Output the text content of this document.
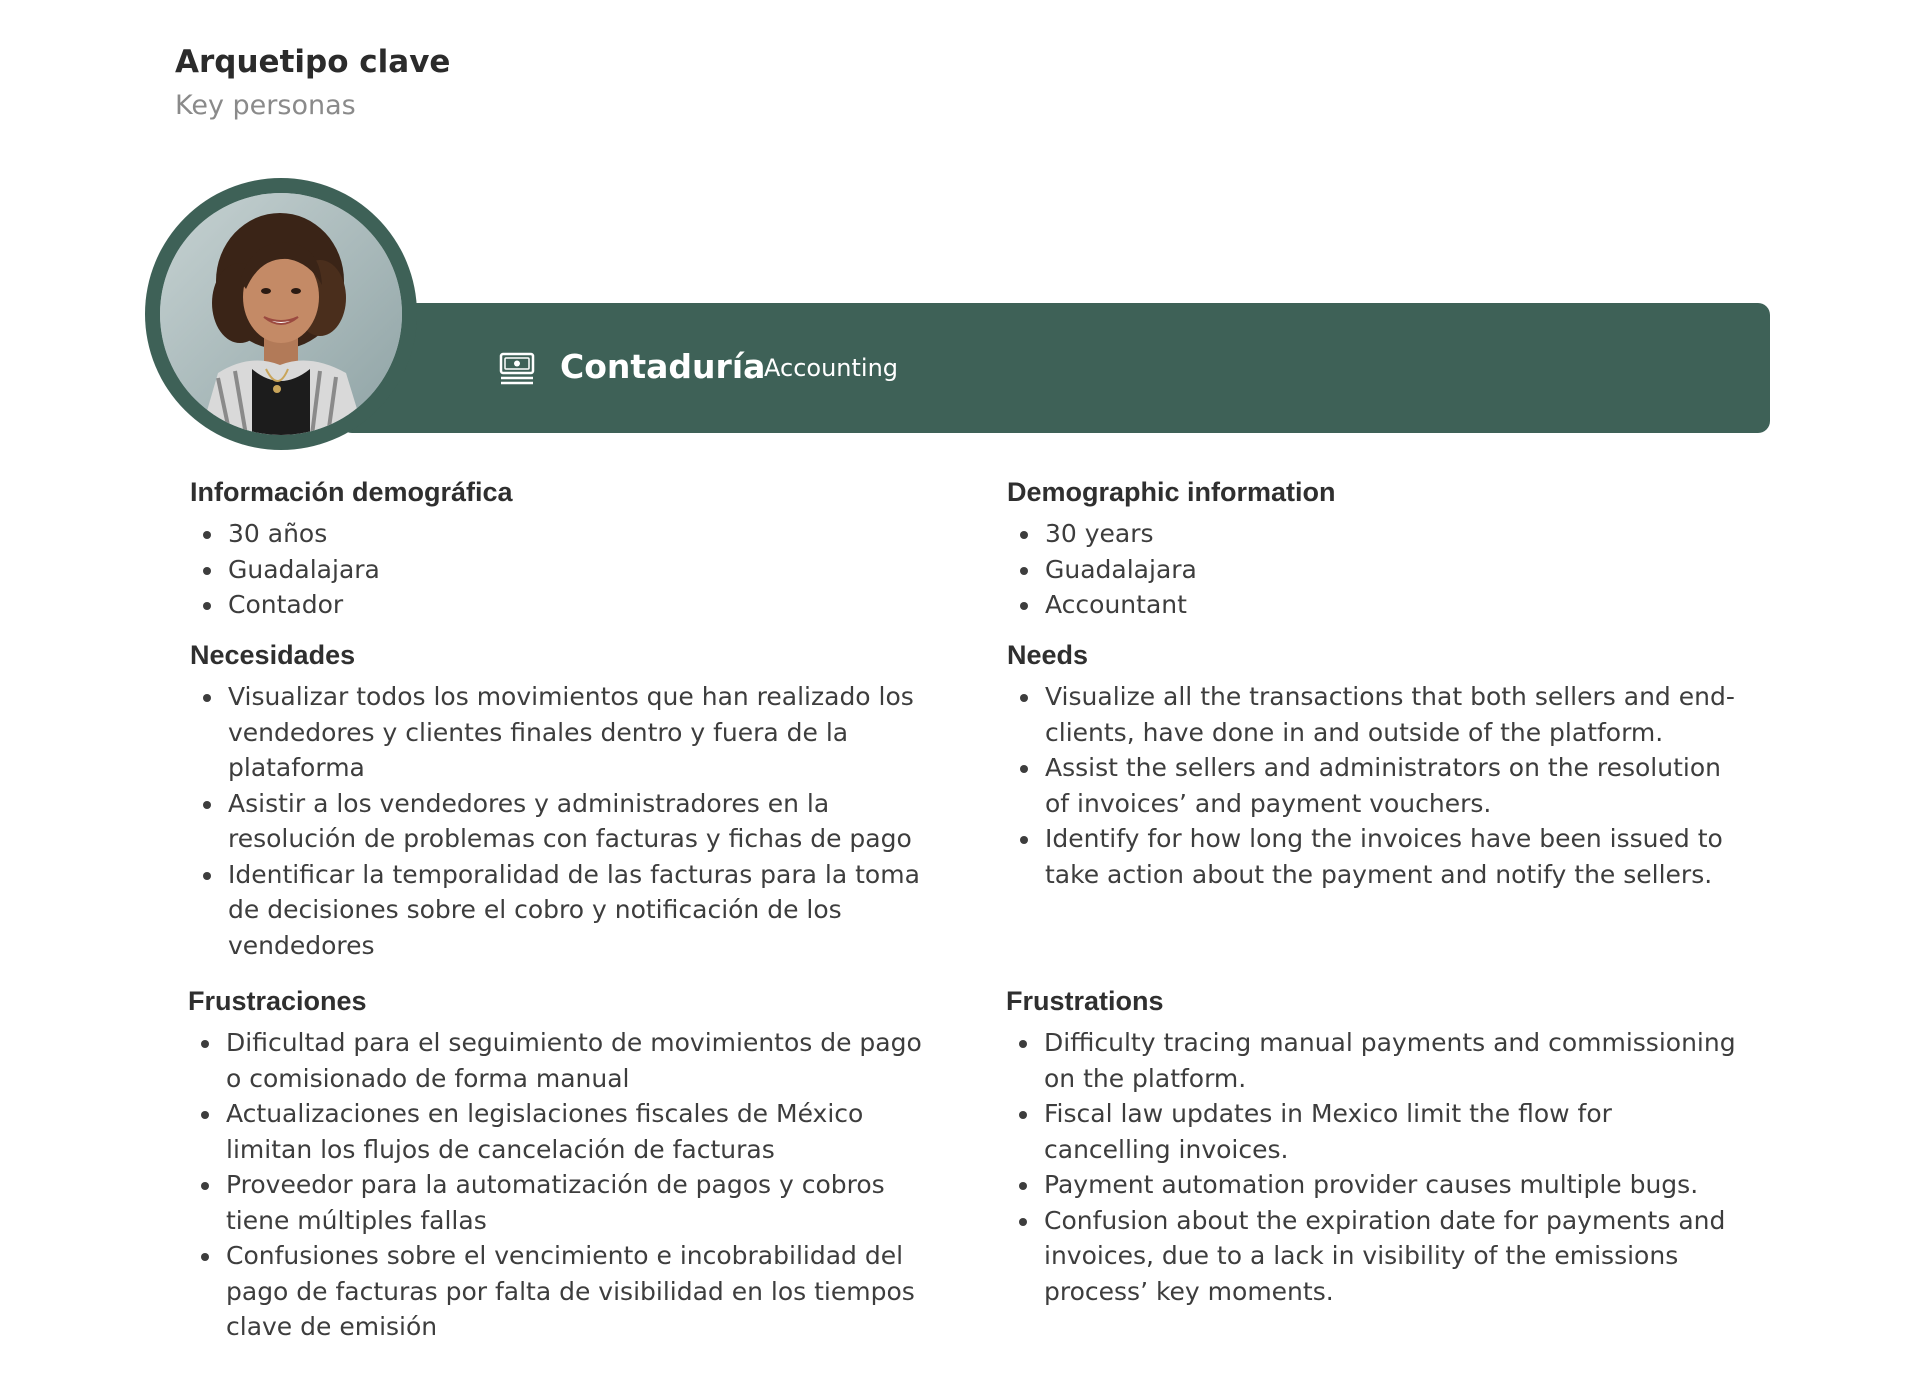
Arquetipo clave

Key personas

Contaduría
Accounting
Información demográfica
30 años
Guadalajara
Contador
Necesidades
Visualizar todos los movimientos que han realizado los vendedores y clientes finales dentro y fuera de la plataforma
Asistir a los vendedores y administradores en la resolución de problemas con facturas y fichas de pago
Identificar la temporalidad de las facturas para la toma de decisiones sobre el cobro y notificación de los vendedores
Frustraciones
Dificultad para el seguimiento de movimientos de pago o comisionado de forma manual
Actualizaciones en legislaciones fiscales de México limitan los flujos de cancelación de facturas
Proveedor para la automatización de pagos y cobros tiene múltiples fallas
Confusiones sobre el vencimiento e incobrabilidad del pago de facturas por falta de visibilidad en los tiempos clave de emisión
Demographic information
30 years
Guadalajara
Accountant
Needs
Visualize all the transactions that both sellers and end-clients, have done in and outside of the platform.
Assist the sellers and administrators on the resolution of invoices’ and payment vouchers.
Identify for how long the invoices have been issued to take action about the payment and notify the sellers.
Frustrations
Difficulty tracing manual payments and commissioning on the platform.
Fiscal law updates in Mexico limit the flow for cancelling invoices.
Payment automation provider causes multiple bugs.
Confusion about the expiration date for payments and invoices, due to a lack in visibility of the emissions process’ key moments.
